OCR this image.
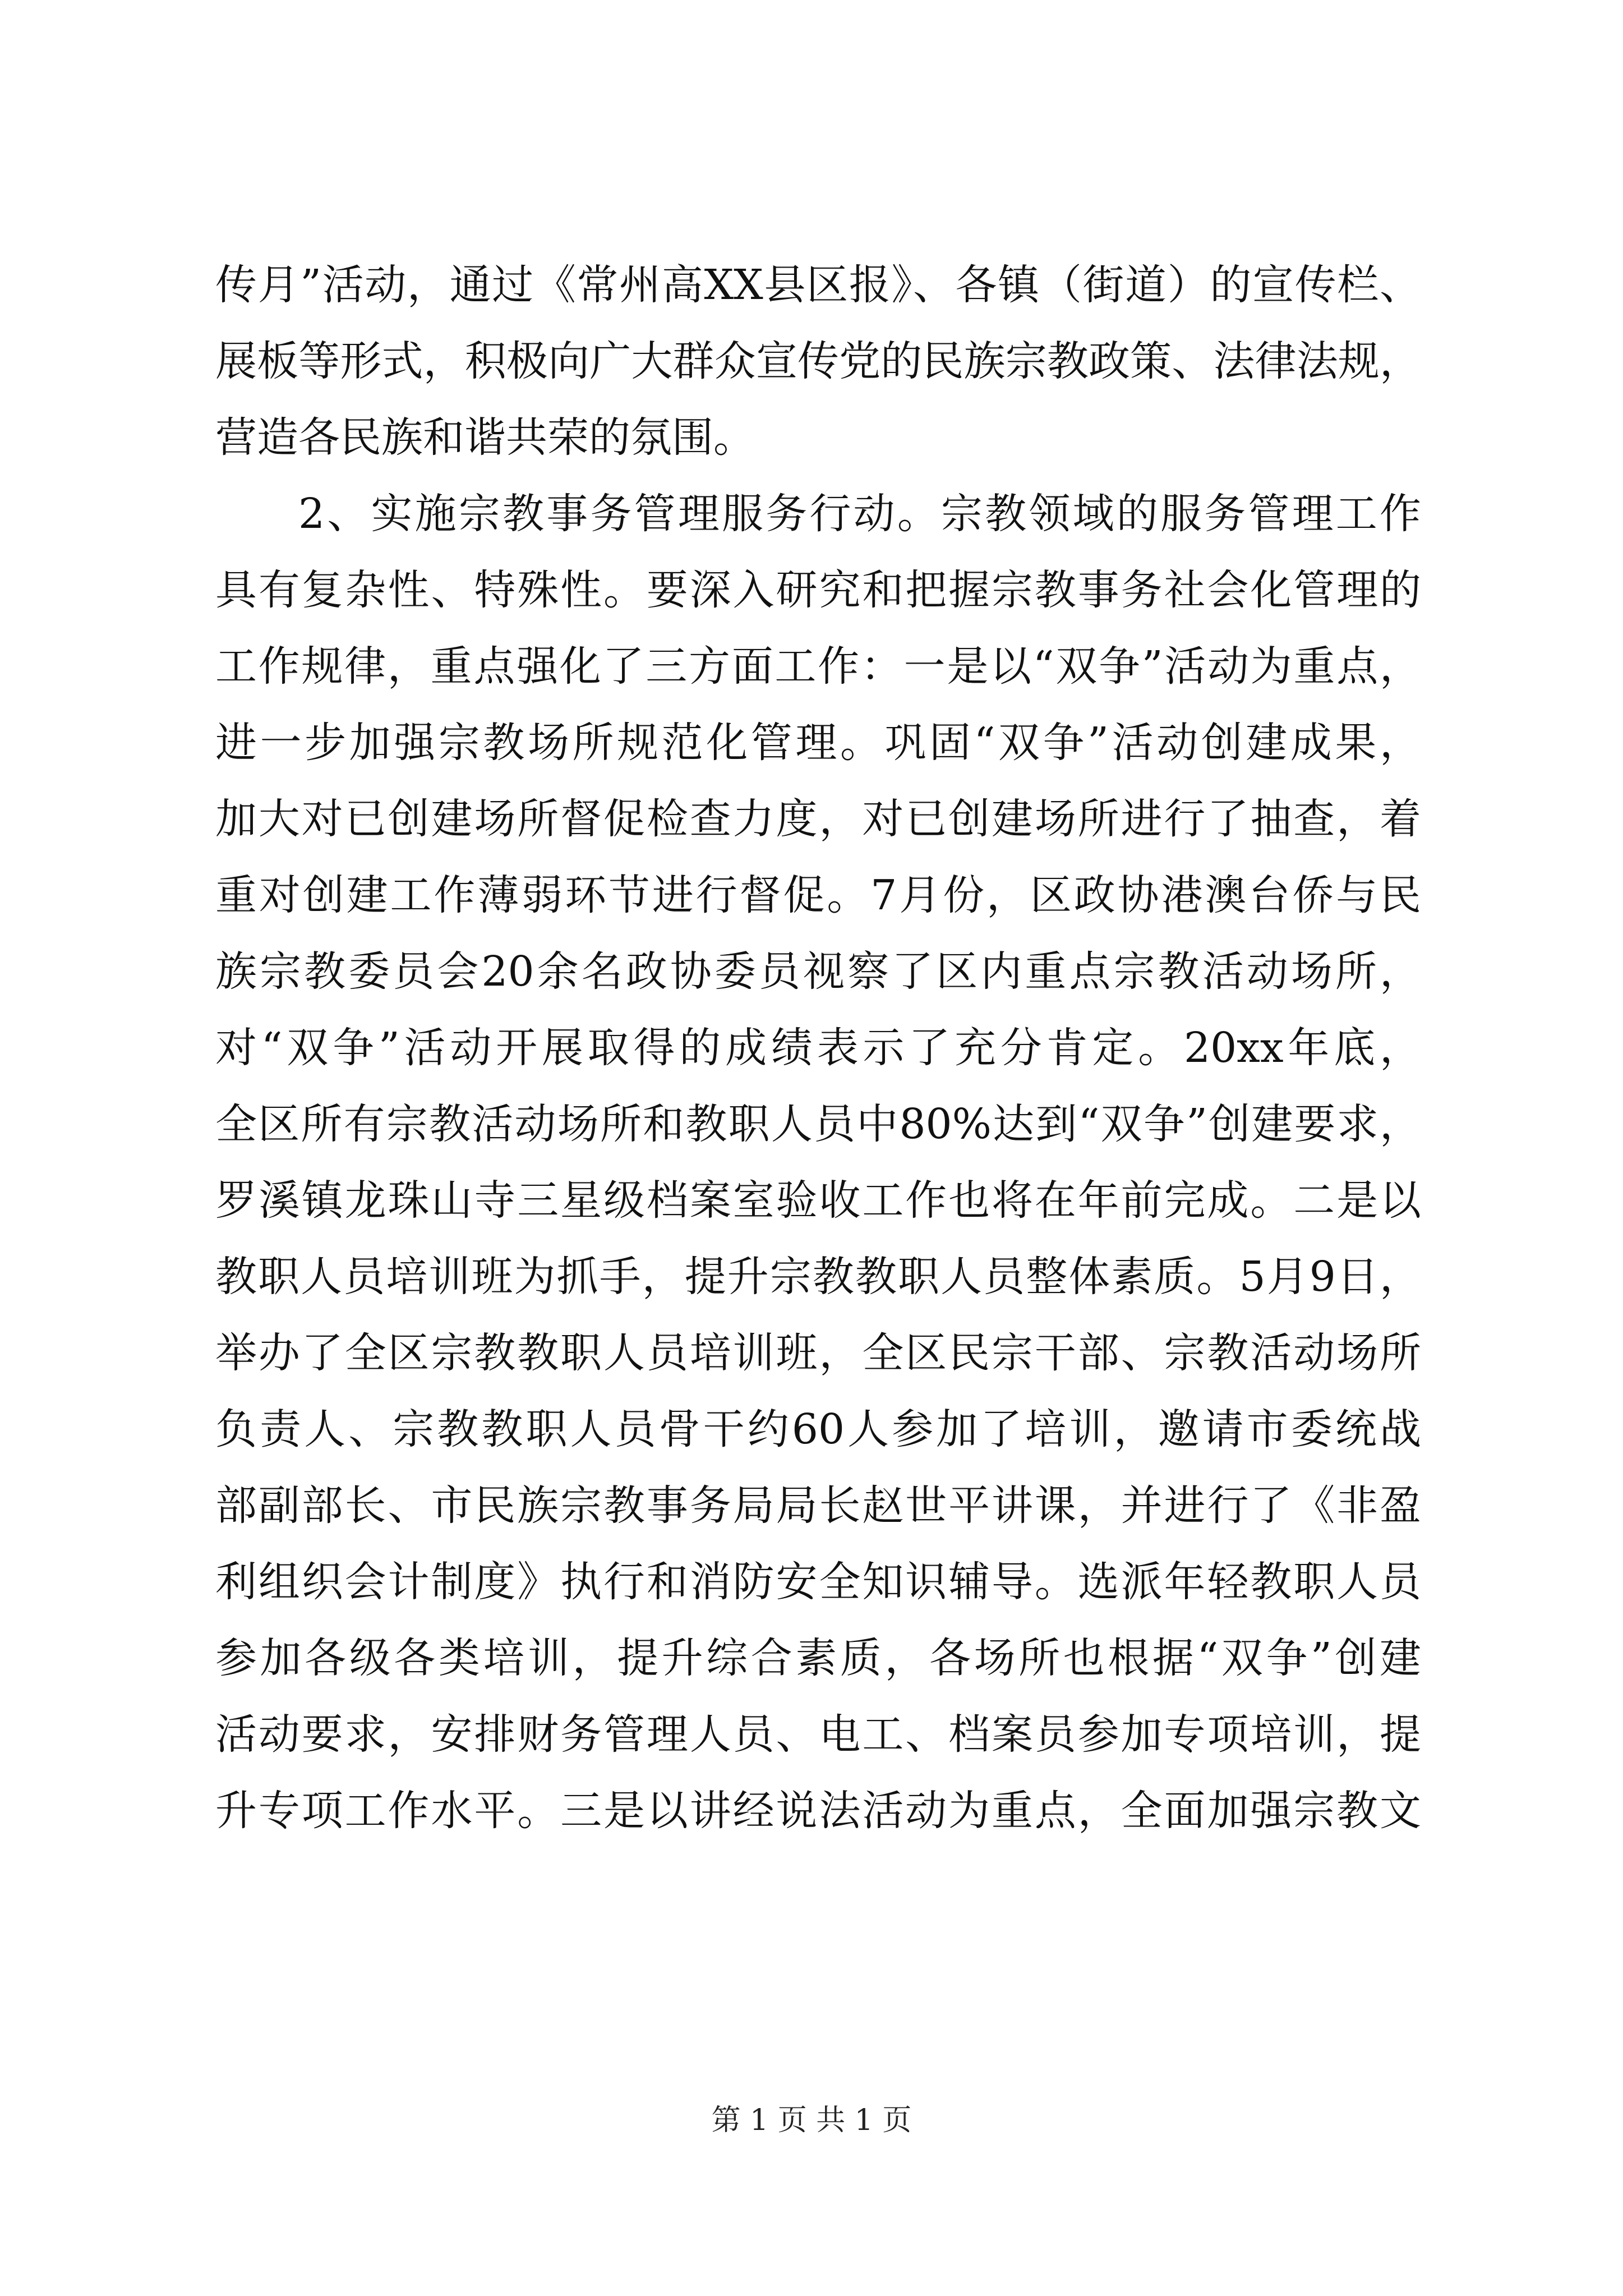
传月”活动，通过《常州高XX县区报》、各镇（街道）的宣传栏、
展板等形式，积极向广大群众宣传党的民族宗教政策、法律法规，
营造各民族和谐共荣的氛围。
2、实施宗教事务管理服务行动。宗教领域的服务管理工作
具有复杂性、特殊性。要深入研究和把握宗教事务社会化管理的
工作规律，重点强化了三方面工作：一是以“双争”活动为重点，
进一步加强宗教场所规范化管理。巩固“双争”活动创建成果，
加大对已创建场所督促检查力度，对已创建场所进行了抽查，着
重对创建工作薄弱环节进行督促。7月份，区政协港澳台侨与民
族宗教委员会20余名政协委员视察了区内重点宗教活动场所，
对“双争”活动开展取得的成绩表示了充分肯定。20xx年底，
全区所有宗教活动场所和教职人员中80%达到“双争”创建要求，
罗溪镇龙珠山寺三星级档案室验收工作也将在年前完成。二是以
教职人员培训班为抓手，提升宗教教职人员整体素质。5月9日，
举办了全区宗教教职人员培训班，全区民宗干部、宗教活动场所
负责人、宗教教职人员骨干约60人参加了培训，邀请市委统战
部副部长、市民族宗教事务局局长赵世平讲课，并进行了《非盈
利组织会计制度》执行和消防安全知识辅导。选派年轻教职人员
参加各级各类培训，提升综合素质，各场所也根据“双争”创建
活动要求，安排财务管理人员、电工、档案员参加专项培训，提
升专项工作水平。三是以讲经说法活动为重点，全面加强宗教文
第 1 页 共 1 页
